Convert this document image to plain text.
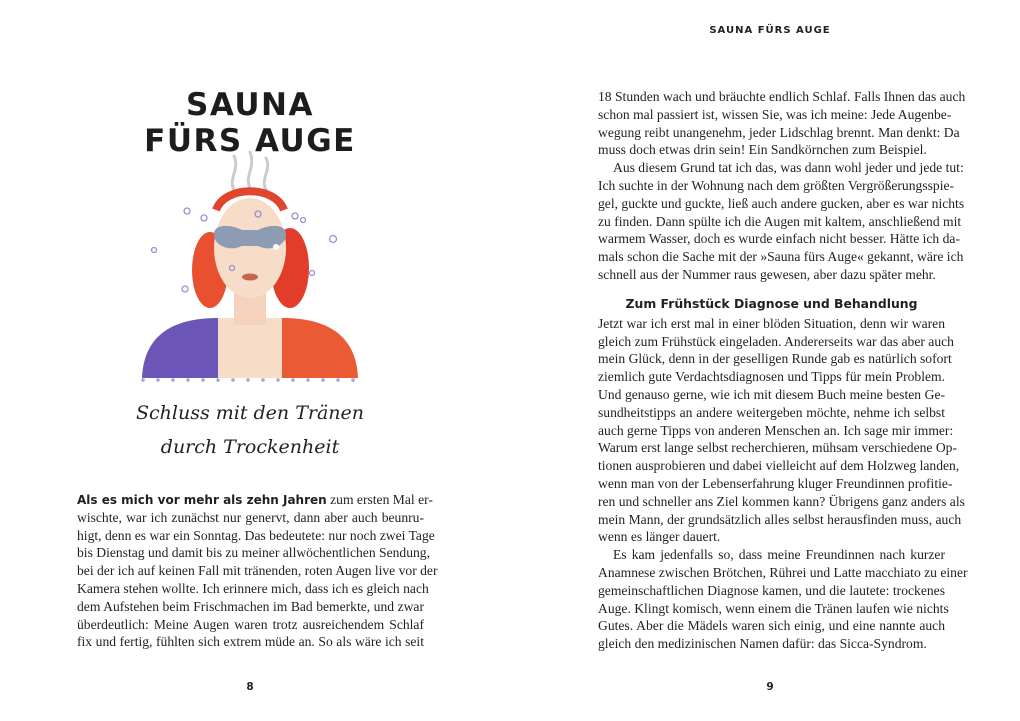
SAUNA
FÜRS AUGE
Schluss mit den Tränen
durch Trockenheit
Als es mich vor mehr als zehn Jahren zum ersten Mal er-
wischte, war ich zunächst nur genervt, dann aber auch beunru-
higt, denn es war ein Sonntag. Das bedeutete: nur noch zwei Tage
bis Dienstag und damit bis zu meiner allwöchentlichen Sendung,
bei der ich auf keinen Fall mit tränenden, roten Augen live vor der
Kamera stehen wollte. Ich erinnere mich, dass ich es gleich nach
dem Aufstehen beim Frischmachen im Bad bemerkte, und zwar
überdeutlich: Meine Augen waren trotz ausreichendem Schlaf
fix und fertig, fühlten sich extrem müde an. So als wäre ich seit
8
SAUNA FÜRS AUGE
18 Stunden wach und bräuchte endlich Schlaf. Falls Ihnen das auch
schon mal passiert ist, wissen Sie, was ich meine: Jede Augenbe-
wegung reibt unangenehm, jeder Lidschlag brennt. Man denkt: Da
muss doch etwas drin sein! Ein Sandkörnchen zum Beispiel.
Aus diesem Grund tat ich das, was dann wohl jeder und jede tut:
Ich suchte in der Wohnung nach dem größten Vergrößerungsspie-
gel, guckte und guckte, ließ auch andere gucken, aber es war nichts
zu finden. Dann spülte ich die Augen mit kaltem, anschließend mit
warmem Wasser, doch es wurde einfach nicht besser. Hätte ich da-
mals schon die Sache mit der »Sauna fürs Auge« gekannt, wäre ich
schnell aus der Nummer raus gewesen, aber dazu später mehr.
Zum Frühstück Diagnose und Behandlung
Jetzt war ich erst mal in einer blöden Situation, denn wir waren
gleich zum Frühstück eingeladen. Andererseits war das aber auch
mein Glück, denn in der geselligen Runde gab es natürlich sofort
ziemlich gute Verdachtsdiagnosen und Tipps für mein Problem.
Und genauso gerne, wie ich mit diesem Buch meine besten Ge-
sundheitstipps an andere weitergeben möchte, nehme ich selbst
auch gerne Tipps von anderen Menschen an. Ich sage mir immer:
Warum erst lange selbst recherchieren, mühsam verschiedene Op-
tionen ausprobieren und dabei vielleicht auf dem Holzweg landen,
wenn man von der Lebenserfahrung kluger Freundinnen profitie-
ren und schneller ans Ziel kommen kann? Übrigens ganz anders als
mein Mann, der grundsätzlich alles selbst herausfinden muss, auch
wenn es länger dauert.
Es kam jedenfalls so, dass meine Freundinnen nach kurzer
Anamnese zwischen Brötchen, Rührei und Latte macchiato zu einer
gemeinschaftlichen Diagnose kamen, und die lautete: trockenes
Auge. Klingt komisch, wenn einem die Tränen laufen wie nichts
Gutes. Aber die Mädels waren sich einig, und eine nannte auch
gleich den medizinischen Namen dafür: das Sicca-Syndrom.
9
